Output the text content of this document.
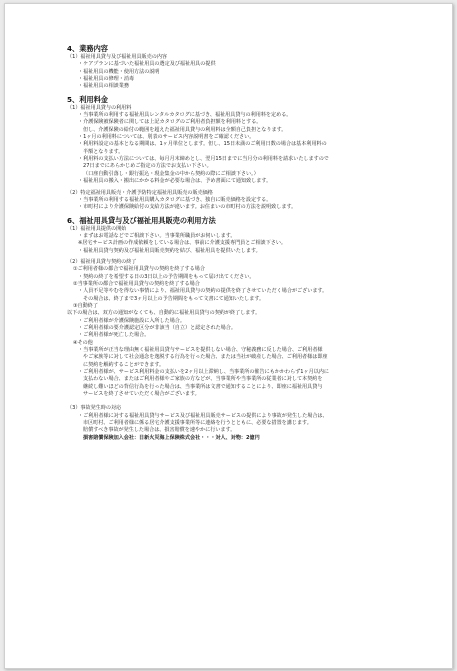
4、業務内容
（1）福祉用具貸与及び福祉用具販売の内容
・ケアプランに基づいた福祉用具の選定及び福祉用具の提供
・福祉用具の機能・使用方法の説明
・福祉用具の修理・消毒
・福祉用具の相談業務
5、利用料金
（1）福祉用具貸与の利用料
・当事業所の利用する福祉用具レンタルカタログに基づき、福祉用具貸与の利用料を定める。
・介護保険被保険者に関しては上記カタログのご利用者負担額を利用料とする。
但し、介護保険の給付の範囲を超えた福祉用具貸与の利用料は全額自己負担となります。
・1ヶ月の利用料については、別表のサービス内容説明書をご確認ください。
・利用料設定の基本となる期間は、1ヶ月単位とします。但し、15日未満のご利用日数の場合は基本利用料の
半額となります。
・利用料の支払い方法については、毎月月末締めとし、翌月15日までに当月分の利用料を請求いたしますので
27日までにあらかじめご指定の方法でお支払い下さい。
（口座自動引落し・銀行振込・現金集金の中から契約の際にご相談下さい。）
・福祉用具の搬入・搬出にかかる料金が必要な場合は、予め書面にて通知致します。
（2）特定福祉用具販売・介護予防特定福祉用具販売の販売価格
・当事業所の利用する福祉用具購入カタログに基づき、独自に販売価格を設定する。
・市町村により介護保険給付の支給方法が違います。お住まいの市町村の方法を説明致します。
6、福祉用具貸与及び福祉用具販売の利用方法
（1）福祉用具提供の開始
・まずはお電話などでご相談下さい。当事業所職員がお伺いします。
※居宅サービス計画の作成依頼をしている場合は、事前に介護支援専門員とご相談下さい。
・福祉用具貸与契約及び福祉用具販売契約を結び、福祉用具を提供いたします。
（2）福祉用具貸与契約の終了
①ご利用者様の都合で福祉用具貸与の契約を終了する場合
・契約の終了を希望する日の3日以上の予告期間をもって届け出てください。
②当事業所の都合で福祉用具貸与の契約を終了する場合
・人員不足等やむを得ない事情により、福祉用具貸与の契約の提供を終了させていただく場合がございます。
その場合は、終了まで3ヶ月以上の予告期間をもって文書にて通知いたします。
③自動終了
以下の場合は、双方の通知がなくても、自動的に福祉用具貸与の契約が終了します。
・ご利用者様が介護保険施設に入所した場合。
・ご利用者様の要介護認定区分が非該当（自立）と認定された場合。
・ご利用者様が死亡した場合。
④その他
・当事業所が正当な理由無く福祉用具貸与サービスを提供しない場合、守秘義務に反した場合、ご利用者様
やご家族等に対して社会通念を逸脱する行為を行った場合、または当社が破産した場合、ご利用者様は即座
に契約を解約することができます。
・ご利用者様が、サービス利用料金の支払いを2ヶ月以上滞納し、当事業所の催告にもかかわらず1ヶ月以内に
支払わない場合、またはご利用者様やご家族の方などが、当事業所や当事業所の従業者に対して本契約を
継続し難いほどの背信行為を行った場合は、当事業所は文書で通知することにより、即座に福祉用具貸与
サービスを終了させていただく場合がございます。
（3）事故発生時の対応
・ご利用者様に対する福祉用具貸与サービス及び福祉用具販売サービスの提供により事故が発生した場合は、
市区町村、ご利用者様に係る居宅介護支援事業所等に連絡を行うとともに、必要な措置を講じます。
賠償すべき事故が発生した場合は、損害賠償を速やかに行います。
損害賠償保険加入会社：日新火災海上保険株式会社・・・対人、対物：2億円
